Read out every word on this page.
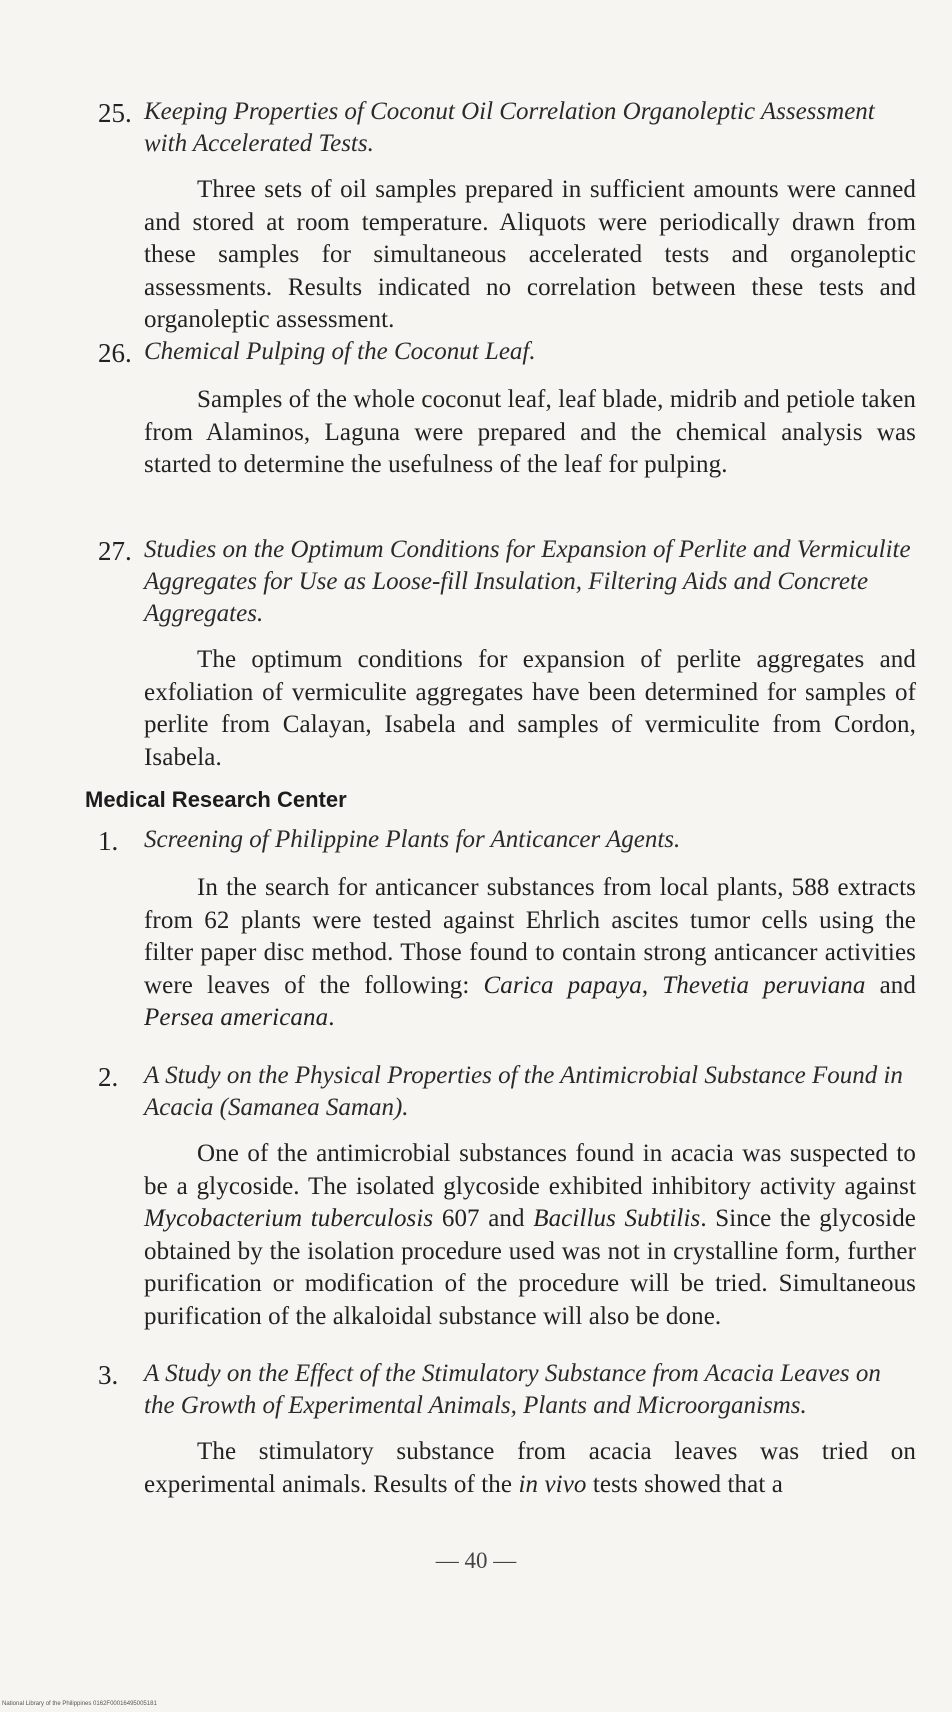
25. Keeping Properties of Coconut Oil Correlation Organoleptic Assessment with Accelerated Tests.
Three sets of oil samples prepared in sufficient amounts were canned and stored at room temperature. Aliquots were periodically drawn from these samples for simultaneous accelerated tests and organoleptic assessments. Results indicated no correlation between these tests and organoleptic assessment.
26. Chemical Pulping of the Coconut Leaf.
Samples of the whole coconut leaf, leaf blade, midrib and petiole taken from Alaminos, Laguna were prepared and the chemical analysis was started to determine the usefulness of the leaf for pulping.
27. Studies on the Optimum Conditions for Expansion of Perlite and Vermiculite Aggregates for Use as Loose-fill Insulation, Filtering Aids and Concrete Aggregates.
The optimum conditions for expansion of perlite aggregates and exfoliation of vermiculite aggregates have been determined for samples of perlite from Calayan, Isabela and samples of vermiculite from Cordon, Isabela.
Medical Research Center
1.	Screening of Philippine Plants for Anticancer Agents.
In the search for anticancer substances from local plants, 588 extracts from 62 plants were tested against Ehrlich ascites tumor cells using the filter paper disc method. Those found to contain strong anticancer activities were leaves of the following: Carica papaya, Thevetia peruviana and Persea americana.
2.	A Study on the Physical Properties of the Antimicrobial Substance Found in Acacia (Samanea Saman).
One of the antimicrobial substances found in acacia was suspected to be a glycoside. The isolated glycoside exhibited inhibitory activity against Mycobacterium tuberculosis 607 and Bacillus Subtilis. Since the glycoside obtained by the isolation procedure used was not in crystalline form, further purification or modification of the procedure will be tried. Simultaneous purification of the alkaloidal substance will also be done.
3.	A Study on the Effect of the Stimulatory Substance from Acacia Leaves on the Growth of Experimental Animals, Plants and Microorganisms.
The stimulatory substance from acacia leaves was tried on experimental animals. Results of the in vivo tests showed that a
— 40 —
National Library of the Philippines 0162F00016495005181
